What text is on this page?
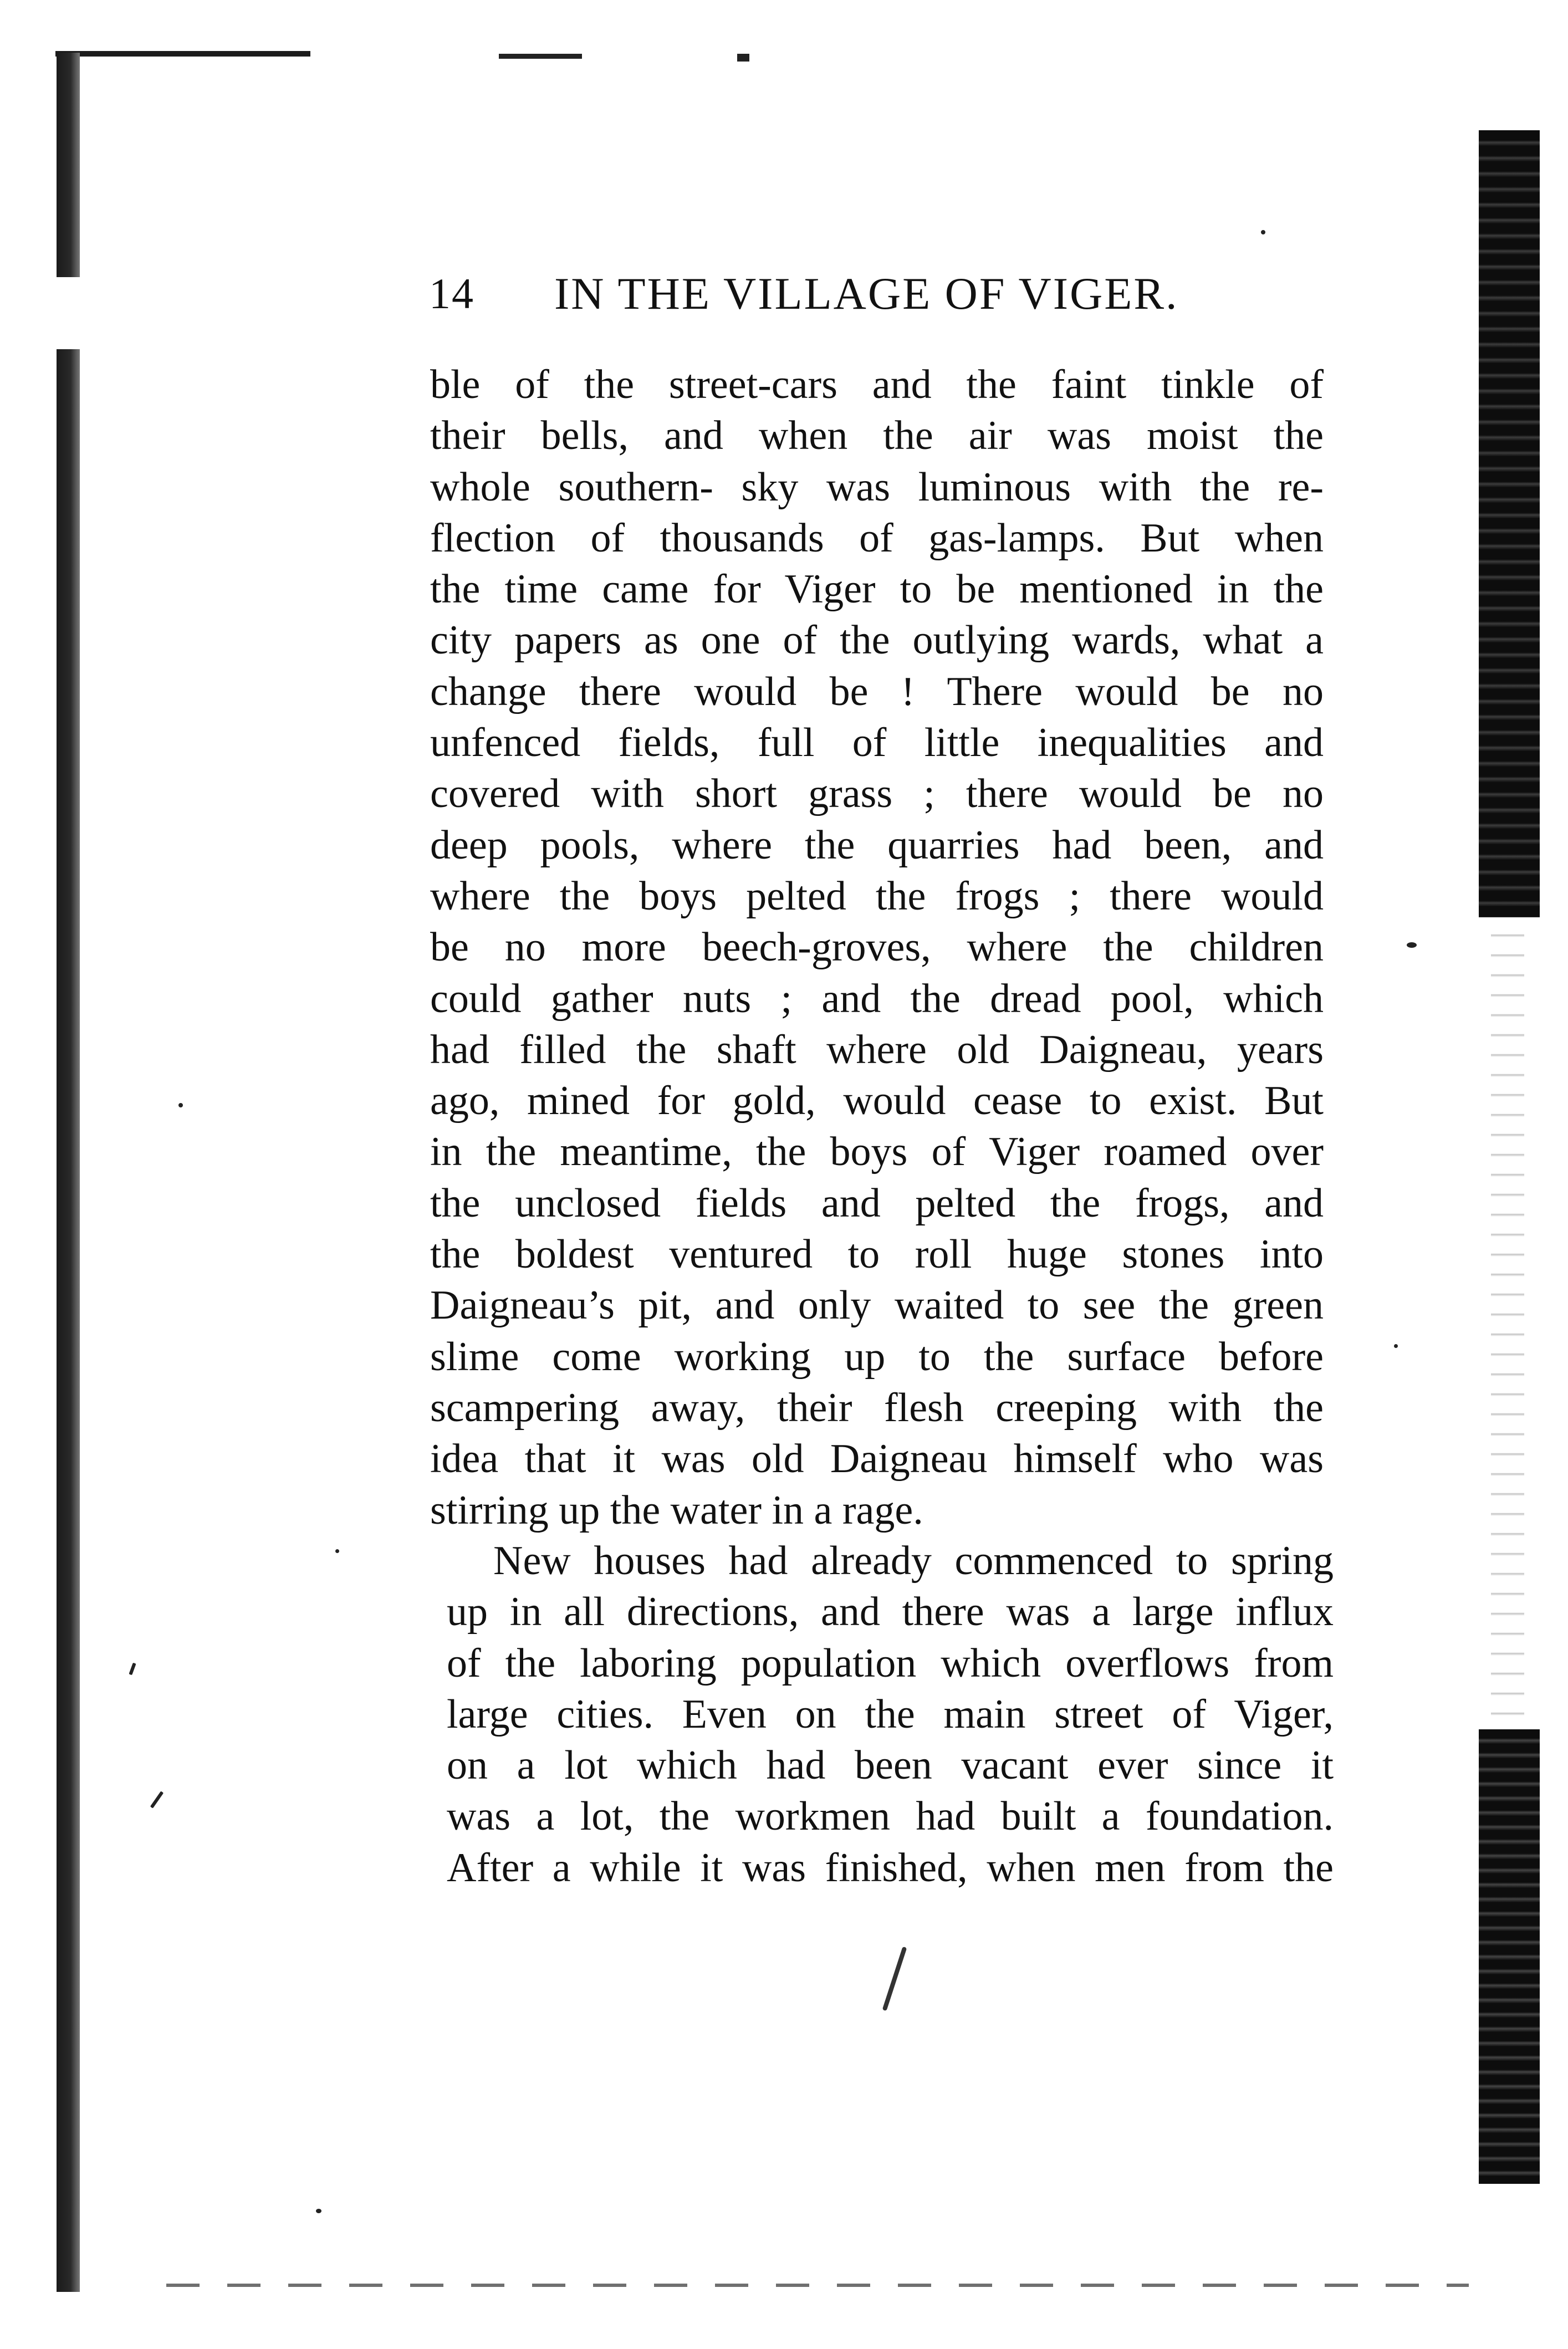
14 IN THE VILLAGE OF VIGER.
ble of the street-cars and the faint tinkle of
their bells, and when the air was moist the
whole southern- sky was luminous with the re-
flection of thousands of gas-lamps. But when
the time came for Viger to be mentioned in the
city papers as one of the outlying wards, what a
change there would be ! There would be no
unfenced fields, full of little inequalities and
covered with short grass ; there would be no
deep pools, where the quarries had been, and
where the boys pelted the frogs ; there would
be no more beech-groves, where the children
could gather nuts ; and the dread pool, which
had filled the shaft where old Daigneau, years
ago, mined for gold, would cease to exist. But
in the meantime, the boys of Viger roamed over
the unclosed fields and pelted the frogs, and
the boldest ventured to roll huge stones into
Daigneau’s pit, and only waited to see the green
slime come working up to the surface before
scampering away, their flesh creeping with the
idea that it was old Daigneau himself who was
stirring up the water in a rage.
New houses had already commenced to spring
up in all directions, and there was a large influx
of the laboring population which overflows from
large cities. Even on the main street of Viger,
on a lot which had been vacant ever since it
was a lot, the workmen had built a foundation.
After a while it was finished, when men from the
